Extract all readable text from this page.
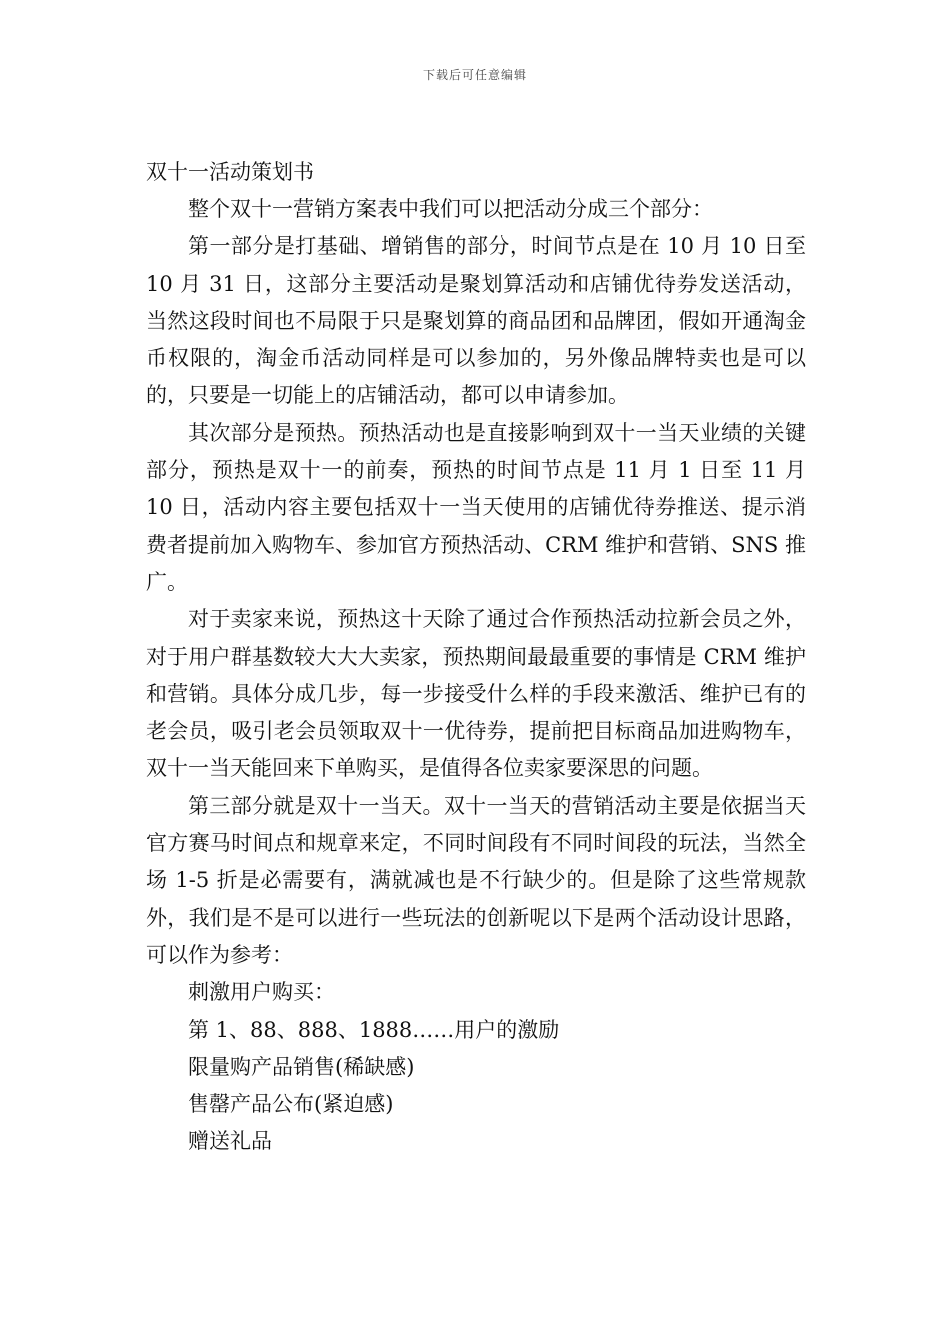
下载后可任意编辑
双十一活动策划书

整个双十一营销方案表中我们可以把活动分成三个部分：

第一部分是打基础、增销售的部分，时间节点是在 10 月 10 日至 10 月 31 日，这部分主要活动是聚划算活动和店铺优待券发送活动，当然这段时间也不局限于只是聚划算的商品团和品牌团，假如开通淘金币权限的，淘金币活动同样是可以参加的，另外像品牌特卖也是可以的，只要是一切能上的店铺活动，都可以申请参加。

其次部分是预热。预热活动也是直接影响到双十一当天业绩的关键部分，预热是双十一的前奏，预热的时间节点是 11 月 1 日至 11 月 10 日，活动内容主要包括双十一当天使用的店铺优待券推送、提示消费者提前加入购物车、参加官方预热活动、CRM 维护和营销、SNS 推广。

对于卖家来说，预热这十天除了通过合作预热活动拉新会员之外，对于用户群基数较大大大卖家，预热期间最最重要的事情是 CRM 维护和营销。具体分成几步，每一步接受什么样的手段来激活、维护已有的老会员，吸引老会员领取双十一优待券，提前把目标商品加进购物车，双十一当天能回来下单购买，是值得各位卖家要深思的问题。

第三部分就是双十一当天。双十一当天的营销活动主要是依据当天官方赛马时间点和规章来定，不同时间段有不同时间段的玩法，当然全场 1-5 折是必需要有，满就减也是不行缺少的。但是除了这些常规款外，我们是不是可以进行一些玩法的创新呢以下是两个活动设计思路，可以作为参考：

刺激用户购买：

第 1、88、888、1888……用户的激励

限量购产品销售(稀缺感)

售罄产品公布(紧迫感)

赠送礼品
